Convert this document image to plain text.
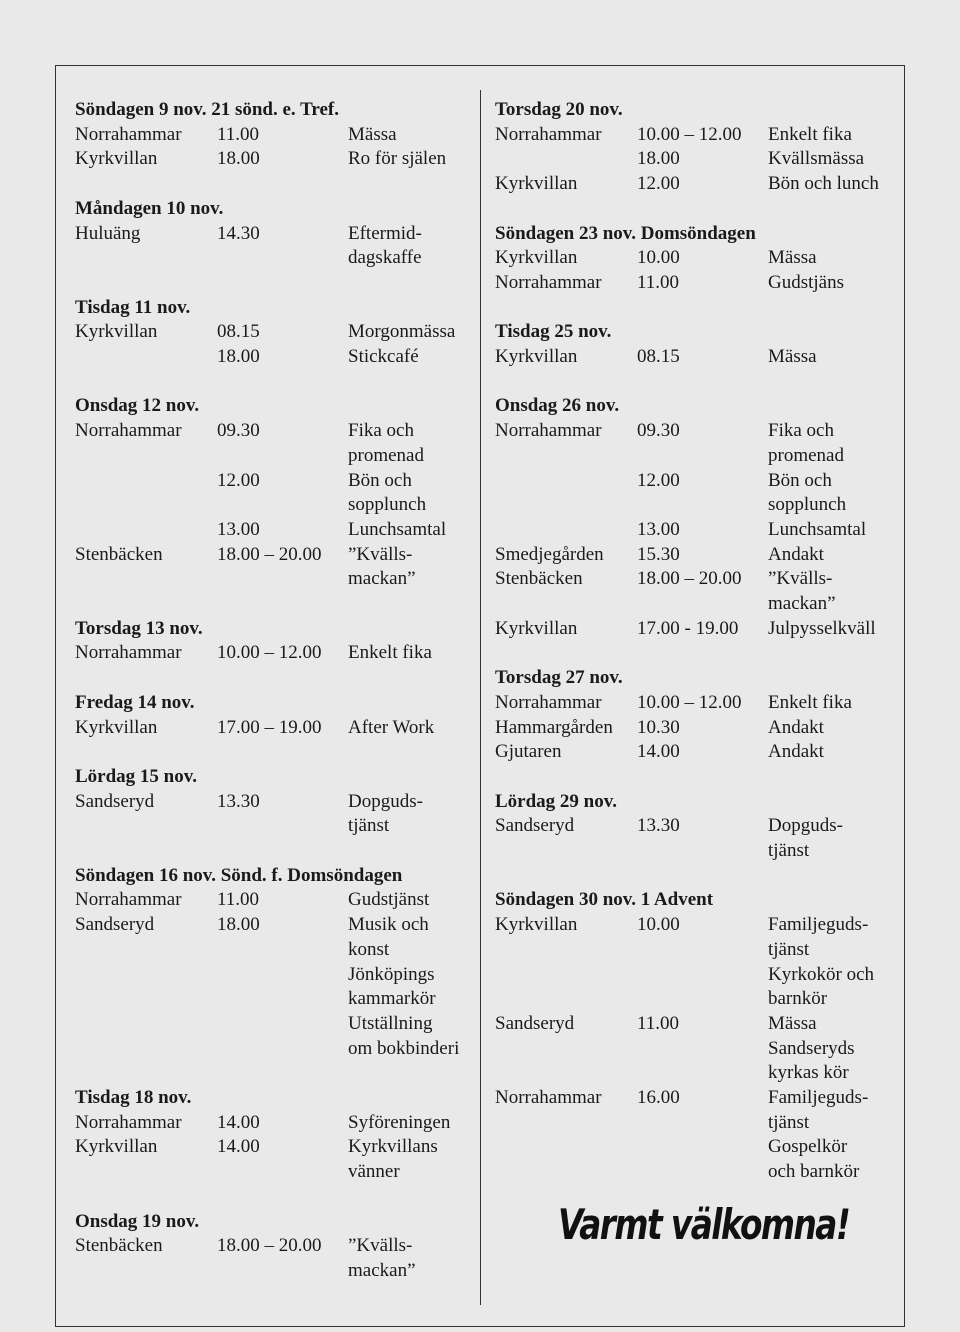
Söndagen 9 nov. 21 sönd. e. Tref.
Norrahammar	11.00	Mässa
Kyrkvillan	18.00	Ro för själen
Måndagen 10 nov.
Huluäng	14.30	Eftermid-
dagskaffe
Tisdag 11 nov.
Kyrkvillan	08.15	Morgonmässa
18.00	Stickcafé
Onsdag 12 nov.
Norrahammar	09.30	Fika och
promenad
12.00	Bön och
sopplunch
13.00	Lunchsamtal
Stenbäcken	18.00 – 20.00	”Kvälls-
mackan”
Torsdag 13 nov.
Norrahammar	10.00 – 12.00	Enkelt fika
Fredag 14 nov.
Kyrkvillan	17.00 – 19.00	After Work
Lördag 15 nov.
Sandseryd	13.30	Dopguds-
tjänst
Söndagen 16 nov. Sönd. f. Domsöndagen
Norrahammar	11.00	Gudstjänst
Sandseryd	18.00	Musik och
konst
Jönköpings
kammarkör
Utställning
om bokbinderi
Tisdag 18 nov.
Norrahammar	14.00	Syföreningen
Kyrkvillan	14.00	Kyrkvillans
vänner
Onsdag 19 nov.
Stenbäcken	18.00 – 20.00	”Kvälls-
mackan”
Torsdag 20 nov.
Norrahammar	10.00 – 12.00	Enkelt fika
18.00	Kvällsmässa
Kyrkvillan	12.00	Bön och lunch
Söndagen 23 nov. Domsöndagen
Kyrkvillan	10.00	Mässa
Norrahammar	11.00	Gudstjäns
Tisdag 25 nov.
Kyrkvillan	08.15	Mässa
Onsdag 26 nov.
Norrahammar	09.30	Fika och
promenad
12.00	Bön och
sopplunch
13.00	Lunchsamtal
Smedjegården	15.30	Andakt
Stenbäcken	18.00 – 20.00	”Kvälls-
mackan”
Kyrkvillan	17.00 - 19.00	Julpysselkväll
Torsdag 27 nov.
Norrahammar	10.00 – 12.00	Enkelt fika
Hammargården	10.30	Andakt
Gjutaren	14.00	Andakt
Lördag 29 nov.
Sandseryd	13.30	Dopguds-
tjänst
Söndagen 30 nov. 1 Advent
Kyrkvillan	10.00	Familjeguds-
tjänst
Kyrkokör och
barnkör
Sandseryd	11.00	Mässa
Sandseryds
kyrkas kör
Norrahammar	16.00	Familjeguds-
tjänst
Gospelkör
och barnkör
Varmt välkomna!
